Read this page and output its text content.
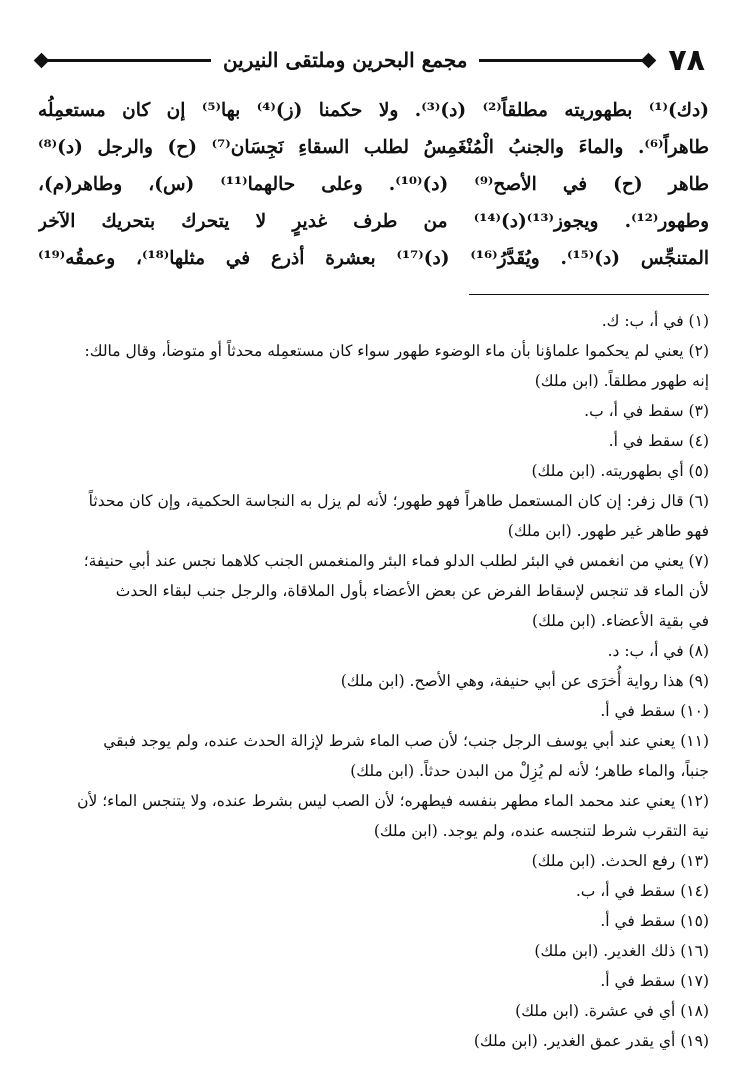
٧٨
مجمع البحرين وملتقى النيرين
(دك)⁽¹⁾ بطهوريته مطلقاً⁽²⁾ (د)⁽³⁾. ولا حكمنا (ز)⁽⁴⁾ بها⁽⁵⁾ إن كان مستعمِلُه
طاهراً⁽⁶⁾. والماءَ والجنبُ الْمُنْغَمِسُ لطلب السقاءِ نَجِسَان⁽⁷⁾ (ح) والرجل (د)⁽⁸⁾
طاهر (ح) في الأصح⁽⁹⁾ (د)⁽¹⁰⁾. وعلى حالهما⁽¹¹⁾ (س)، وطاهر(م)،
وطهور⁽¹²⁾. ويجوز⁽¹³⁾(د)⁽¹⁴⁾ من طرف غديرٍ لا يتحرك بتحريك الآخر
المتنجِّس (د)⁽¹⁵⁾. ويُقَدَّرُ⁽¹⁶⁾ (د)⁽¹⁷⁾ بعشرة أذرع في مثلها⁽¹⁸⁾، وعمقُه⁽¹⁹⁾
(١) في أ، ب: ك.
(٢) يعني لم يحكموا علماؤنا بأن ماء الوضوء طهور سواء كان مستعمِله محدثاً أو متوضأ، وقال مالك:
إنه طهور مطلقاً. (ابن ملك)
(٣) سقط في أ، ب.
(٤) سقط في أ.
(٥) أي بطهوريته. (ابن ملك)
(٦) قال زفر: إن كان المستعمل طاهراً فهو طهور؛ لأنه لم يزل به النجاسة الحكمية، وإن كان محدثاً
فهو طاهر غير طهور. (ابن ملك)
(٧) يعني من انغمس في البئر لطلب الدلو فماء البئر والمنغمس الجنب كلاهما نجس عند أبي حنيفة؛
لأن الماء قد تنجس لإسقاط الفرض عن بعض الأعضاء بأول الملاقاة، والرجل جنب لبقاء الحدث
في بقية الأعضاء. (ابن ملك)
(٨) في أ، ب: د.
(٩) هذا رواية أُخرَى عن أبي حنيفة، وهي الأصح. (ابن ملك)
(١٠) سقط في أ.
(١١) يعني عند أبي يوسف الرجل جنب؛ لأن صب الماء شرط لإزالة الحدث عنده، ولم يوجد فبقي
جنباً، والماء طاهر؛ لأنه لم يُزِلْ من البدن حدثاً. (ابن ملك)
(١٢) يعني عند محمد الماء مطهر بنفسه فيطهره؛ لأن الصب ليس بشرط عنده، ولا يتنجس الماء؛ لأن
نية التقرب شرط لتنجسه عنده، ولم يوجد. (ابن ملك)
(١٣) رفع الحدث. (ابن ملك)
(١٤) سقط في أ، ب.
(١٥) سقط في أ.
(١٦) ذلك الغدير. (ابن ملك)
(١٧) سقط في أ.
(١٨) أي في عشرة. (ابن ملك)
(١٩) أي يقدر عمق الغدير. (ابن ملك)
